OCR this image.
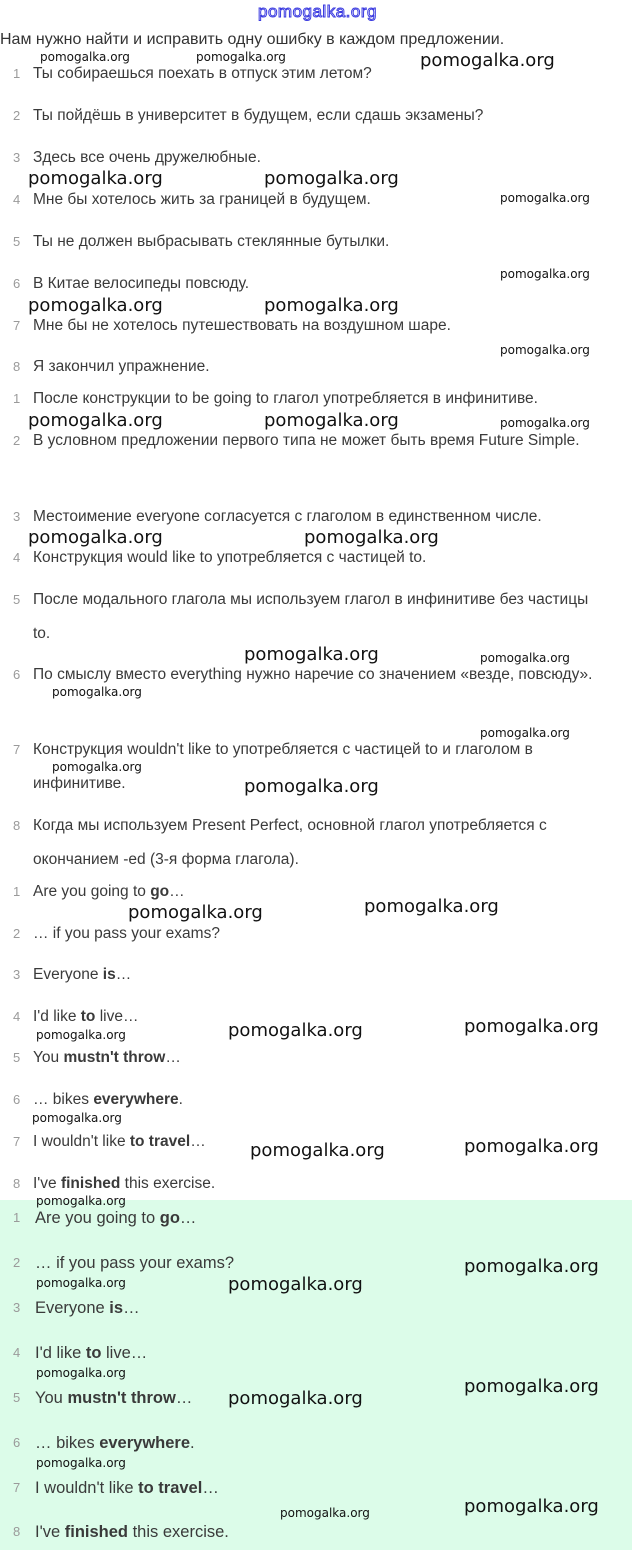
pomogalka.org
Нам нужно найти и исправить одну ошибку в каждом предложении.
1 Ты собираешься поехать в отпуск этим летом?
2 Ты пойдёшь в университет в будущем, если сдашь экзамены?
3 Здесь все очень дружелюбные.
4 Мне бы хотелось жить за границей в будущем.
5 Ты не должен выбрасывать стеклянные бутылки.
6 В Китае велосипеды повсюду.
7 Мне бы не хотелось путешествовать на воздушном шаре.
8 Я закончил упражнение.
1 После конструкции to be going to глагол употребляется в инфинитиве.
2 В условном предложении первого типа не может быть время Future Simple.
3 Местоимение everyone согласуется с глаголом в единственном числе.
4 Конструкция would like to употребляется с частицей to.
5 После модального глагола мы используем глагол в инфинитиве без частицы to.
6 По смыслу вместо everything нужно наречие со значением «везде, повсюду».
7 Конструкция wouldn't like to употребляется с частицей to и глаголом в инфинитиве.
8 Когда мы используем Present Perfect, основной глагол употребляется с окончанием -ed (3-я форма глагола).
1 Are you going to go…
2 … if you pass your exams?
3 Everyone is…
4 I'd like to live…
5 You mustn't throw…
6 … bikes everywhere.
7 I wouldn't like to travel…
8 I've finished this exercise.
1 Are you going to go…
2 … if you pass your exams?
3 Everyone is…
4 I'd like to live…
5 You mustn't throw…
6 … bikes everywhere.
7 I wouldn't like to travel…
8 I've finished this exercise.
pomogalka.org	pomogalka.org	pomogalka.org
pomogalka.org	pomogalka.org
pomogalka.org
pomogalka.org
pomogalka.org	pomogalka.org
pomogalka.org
pomogalka.org	pomogalka.org	pomogalka.org
pomogalka.org	pomogalka.org
pomogalka.org	pomogalka.org
pomogalka.org
pomogalka.org
pomogalka.org
pomogalka.org
pomogalka.org	pomogalka.org
pomogalka.org	pomogalka.org	pomogalka.org
pomogalka.org
pomogalka.org	pomogalka.org
pomogalka.org
pomogalka.org	pomogalka.org
pomogalka.org
pomogalka.org
pomogalka.org
pomogalka.org
pomogalka.org
pomogalka.org	pomogalka.org
